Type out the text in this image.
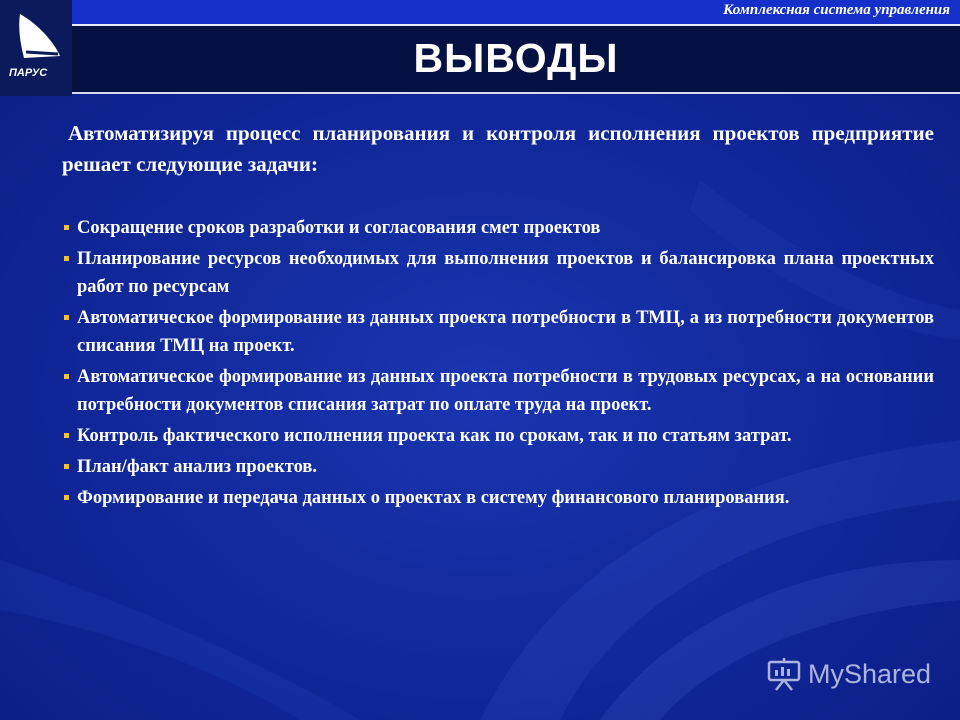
ПАРУС
Комплексная система управления
ВЫВОДЫ

Автоматизируя процесс планирования и контроля исполнения проектов предприятие решает следующие задачи:

Сокращение сроков разработки и согласования смет проектов
Планирование ресурсов необходимых для выполнения проектов и балансировка плана проектных работ по ресурсам
Автоматическое формирование из данных проекта потребности в ТМЦ, а из потребности документов списания ТМЦ на проект.
Автоматическое формирование из данных проекта потребности в трудовых ресурсах, а на основании потребности документов списания затрат по оплате труда на проект.
Контроль фактического исполнения проекта как по срокам, так и по статьям затрат.
План/факт анализ проектов.
Формирование и передача данных о проектах в систему финансового планирования.
MyShared
